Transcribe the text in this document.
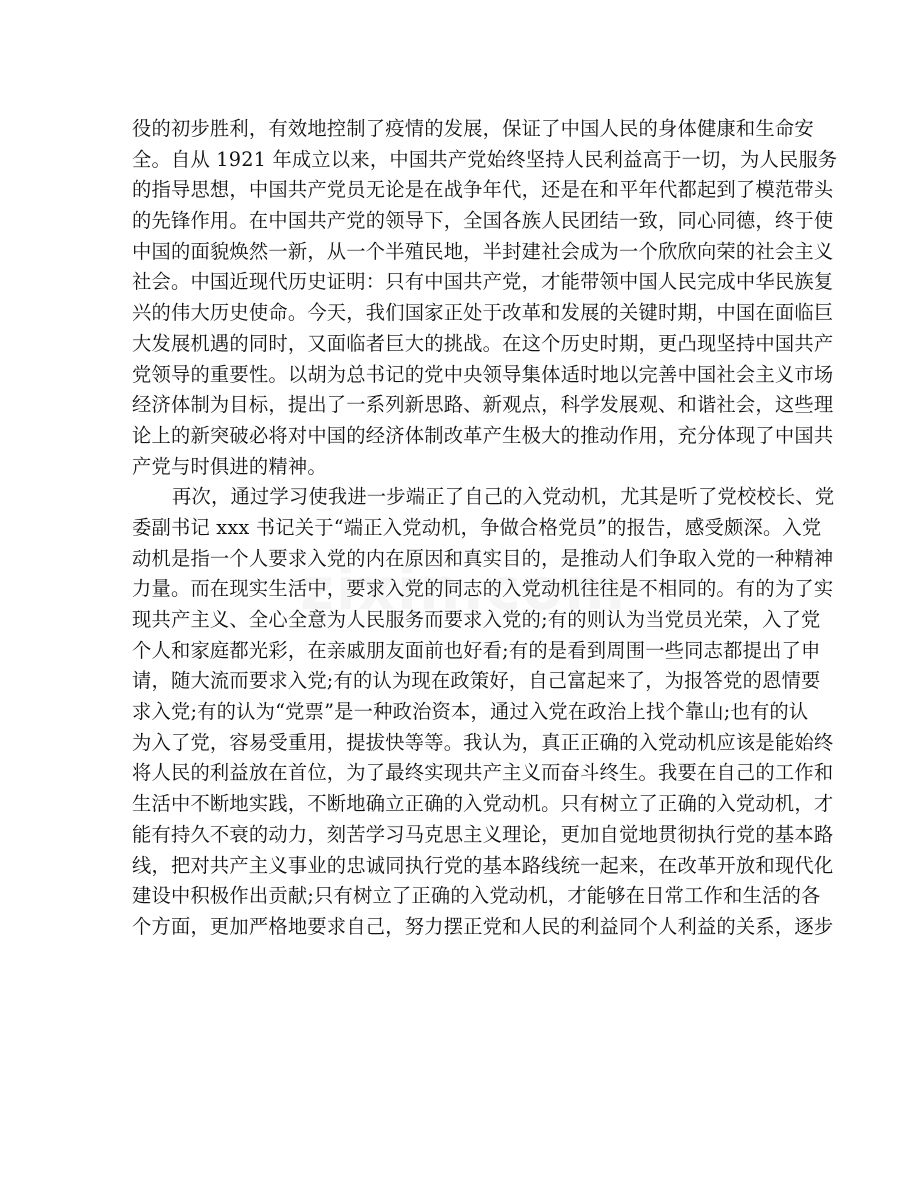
役的初步胜利，有效地控制了疫情的发展，保证了中国人民的身体健康和生命安
全。自从 1921 年成立以来，中国共产党始终坚持人民利益高于一切，为人民服务
的指导思想，中国共产党员无论是在战争年代，还是在和平年代都起到了模范带头
的先锋作用。在中国共产党的领导下，全国各族人民团结一致，同心同德，终于使
中国的面貌焕然一新，从一个半殖民地，半封建社会成为一个欣欣向荣的社会主义
社会。中国近现代历史证明：只有中国共产党，才能带领中国人民完成中华民族复
兴的伟大历史使命。今天，我们国家正处于改革和发展的关键时期，中国在面临巨
大发展机遇的同时，又面临者巨大的挑战。在这个历史时期，更凸现坚持中国共产
党领导的重要性。以胡为总书记的党中央领导集体适时地以完善中国社会主义市场
经济体制为目标，提出了一系列新思路、新观点，科学发展观、和谐社会，这些理
论上的新突破必将对中国的经济体制改革产生极大的推动作用，充分体现了中国共
产党与时俱进的精神。
再次，通过学习使我进一步端正了自己的入党动机，尤其是听了党校校长、党
委副书记 xxx 书记关于“端正入党动机，争做合格党员”的报告，感受颇深。入党
动机是指一个人要求入党的内在原因和真实目的，是推动人们争取入党的一种精神
力量。而在现实生活中，要求入党的同志的入党动机往往是不相同的。有的为了实
现共产主义、全心全意为人民服务而要求入党的;有的则认为当党员光荣，入了党
个人和家庭都光彩，在亲戚朋友面前也好看;有的是看到周围一些同志都提出了申
请，随大流而要求入党;有的认为现在政策好，自己富起来了，为报答党的恩情要
求入党;有的认为“党票”是一种政治资本，通过入党在政治上找个靠山;也有的认
为入了党，容易受重用，提拔快等等。我认为，真正正确的入党动机应该是能始终
将人民的利益放在首位，为了最终实现共产主义而奋斗终生。我要在自己的工作和
生活中不断地实践，不断地确立正确的入党动机。只有树立了正确的入党动机，才
能有持久不衰的动力，刻苦学习马克思主义理论，更加自觉地贯彻执行党的基本路
线，把对共产主义事业的忠诚同执行党的基本路线统一起来，在改革开放和现代化
建设中积极作出贡献;只有树立了正确的入党动机，才能够在日常工作和生活的各
个方面，更加严格地要求自己，努力摆正党和人民的利益同个人利益的关系，逐步
